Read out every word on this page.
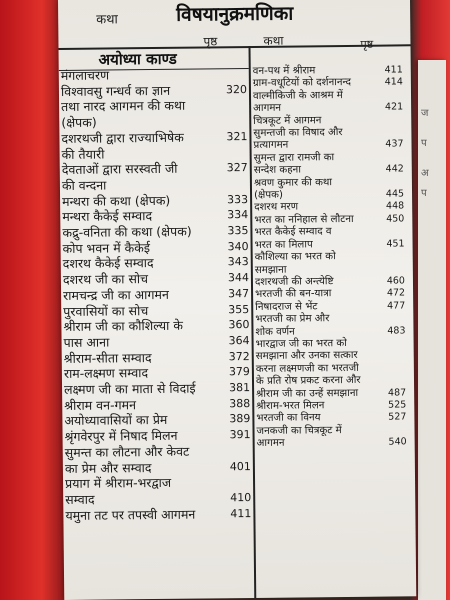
ज
प
अ
प
कथा	विषयानुक्रमणिका
पृष्ठ	कथा	पृष्ठ
अयोध्या काण्ड
मंगलाचरण
विश्वावसु गन्धर्व का ज्ञान	320
तथा नारद आगमन की कथा
(क्षेपक)
दशरथजी द्वारा राज्याभिषेक	321
की तैयारी
देवताओं द्वारा सरस्वती जी	327
की वन्दना
मन्थरा की कथा (क्षेपक)	333
मन्थरा कैकेई सम्वाद	334
कद्रु-वनिता की कथा (क्षेपक)	335
कोप भवन में कैकेई	340
दशरथ कैकेई सम्वाद	343
दशरथ जी का सोच	344
रामचन्द्र जी का आगमन	347
पुरवासियों का सोच	355
श्रीराम जी का कौशिल्या के	360
पास आना	364
श्रीराम-सीता सम्वाद	372
राम-लक्ष्मण सम्वाद	379
लक्ष्मण जी का माता से विदाई	381
श्रीराम वन-गमन	388
अयोध्यावासियों का प्रेम	389
श्रृंगवेरपुर में निषाद मिलन	391
सुमन्त का लौटना और केवट
का प्रेम और सम्वाद	401
प्रयाग में श्रीराम-भरद्वाज
सम्वाद	410
यमुना तट पर तपस्वी आगमन	411
वन-पथ में श्रीराम	411
ग्राम-वधूटियों को दर्शनानन्द	414
वाल्मीकिजी के आश्रम में
आगमन	421
चित्रकूट में आगमन
सुमन्तजी का विषाद और
प्रत्यागमन	437
सुमन्त द्वारा रामजी का
सन्देश कहना	442
श्रवण कुमार की कथा
(क्षेपक)	445
दशरथ मरण	448
भरत का ननिहाल से लौटना	450
भरत कैकेई सम्वाद व
भरत का मिलाप	451
कौशिल्या का भरत को
समझाना
दशरथजी की अन्त्येष्टि	460
भरतजी की बन-यात्रा	472
निषादराज से भेंट	477
भरतजी का प्रेम और
शोक वर्णन	483
भारद्वाज जी का भरत को
समझाना और उनका सत्कार
करना लक्ष्मणजी का भरतजी
के प्रति रोष प्रकट करना और
श्रीराम जी का उन्हें समझाना	487
श्रीराम-भरत मिलन	525
भरतजी का विनय	527
जनकजी का चित्रकूट में
आगमन	540
